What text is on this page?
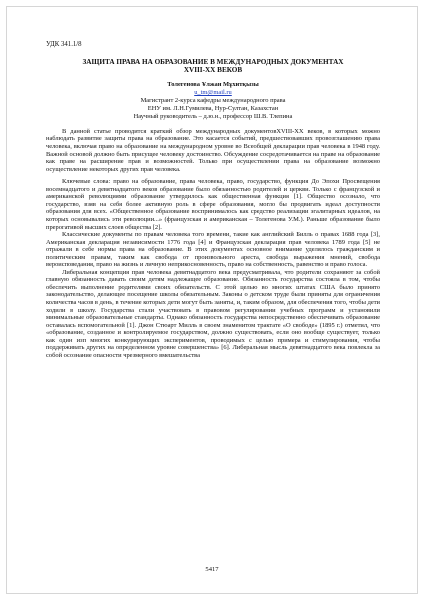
УДК 341.1/8
ЗАЩИТА ПРАВА НА ОБРАЗОВАНИЕ В МЕЖДУНАРОДНЫХ ДОКУМЕНТАХ
XVIII-XX ВЕКОВ
Толегенова Ұлжан Мұхитқызы
u_tm@mail.ru
Магистрант 2-курса кафедры международного права
ЕНУ им. Л.Н.Гумилева, Нур-Султан, Казахстан
Научный руководитель – д.ю.н., профессор Ш.В. Тлепина

В данной статье проводится краткий обзор международных документовXVIII-XX веков, в которых можно наблюдать развитие защиты права на образование. Это касается событий, предшествовавших провозглашению права человека, включая право на образование на международном уровне во Всеобщей декларации прав человека в 1948 году. Важной основой должно быть присущее человеку достоинство. Обсуждение сосредотачивается на праве на образование как праве на расширение прав и возможностей. Только при осуществлении права на образование возможно осуществление некоторых других прав человека.

Ключевые слова: право на образование, права человека, право, государство, функция До Эпохи Просвещения восемнадцатого и девятнадцатого веков образование было обязанностью родителей и церкви. Только с французской и американской революциями образование утвердилось как общественная функция [1]. Общество осознало, что государство, взяв на себя более активную роль в сфере образования, могло бы продвигать идеал доступности образования для всех. «Общественное образование воспринималось как средство реализации эгалитарных идеалов, на которых основывались эти революции...» (французская и американская – Толегенова У.М.). Раньше образование было прерогативой высших слоев общества [2].

Классические документы по правам человека того времени, такие как английский Билль о правах 1688 года [3], Американская декларация независимости 1776 года [4] и Французская декларация прав человека 1789 года [5] не отражали в себе нормы права на образование. В этих документах основное внимание уделялось гражданским и политическим правам, таким как свобода от произвольного ареста, свобода выражения мнений, свобода вероисповедания, право на жизнь и личную неприкосновенность, право на собственность, равенство и право голоса.

Либеральная концепция прав человека девятнадцатого века предусматривала, что родители сохраняют за собой главную обязанность давать своим детям надлежащее образование. Обязанность государства состояла в том, чтобы обеспечить выполнение родителями своих обязательств. С этой целью во многих штатах США было принято законодательство, делающее посещение школы обязательным. Законы о детском труде были приняты для ограничения количества часов в день, в течение которых дети могут быть заняты, и, таким образом, для обеспечения того, чтобы дети ходили в школу. Государства стали участвовать в правовом регулировании учебных программ и установили минимальные образовательные стандарты. Однако обязанность государства непосредственно обеспечивать образование оставалась вспомогательной [1]. Джон Стюарт Милль в своем знаменитом трактате «О свободе» (1895 г.) отметил, что «образование, созданное и контролируемое государством, должно существовать, если оно вообще существует, только как один изп многих конкурирующих экспериментов, проводимых с целью примера и стимулирования, чтобы поддерживать других на определенном уровне совершенства» [6]. Либеральная мысль девятнадцатого века повлекла за собой осознание опасности чрезмерного вмешательства

5417
